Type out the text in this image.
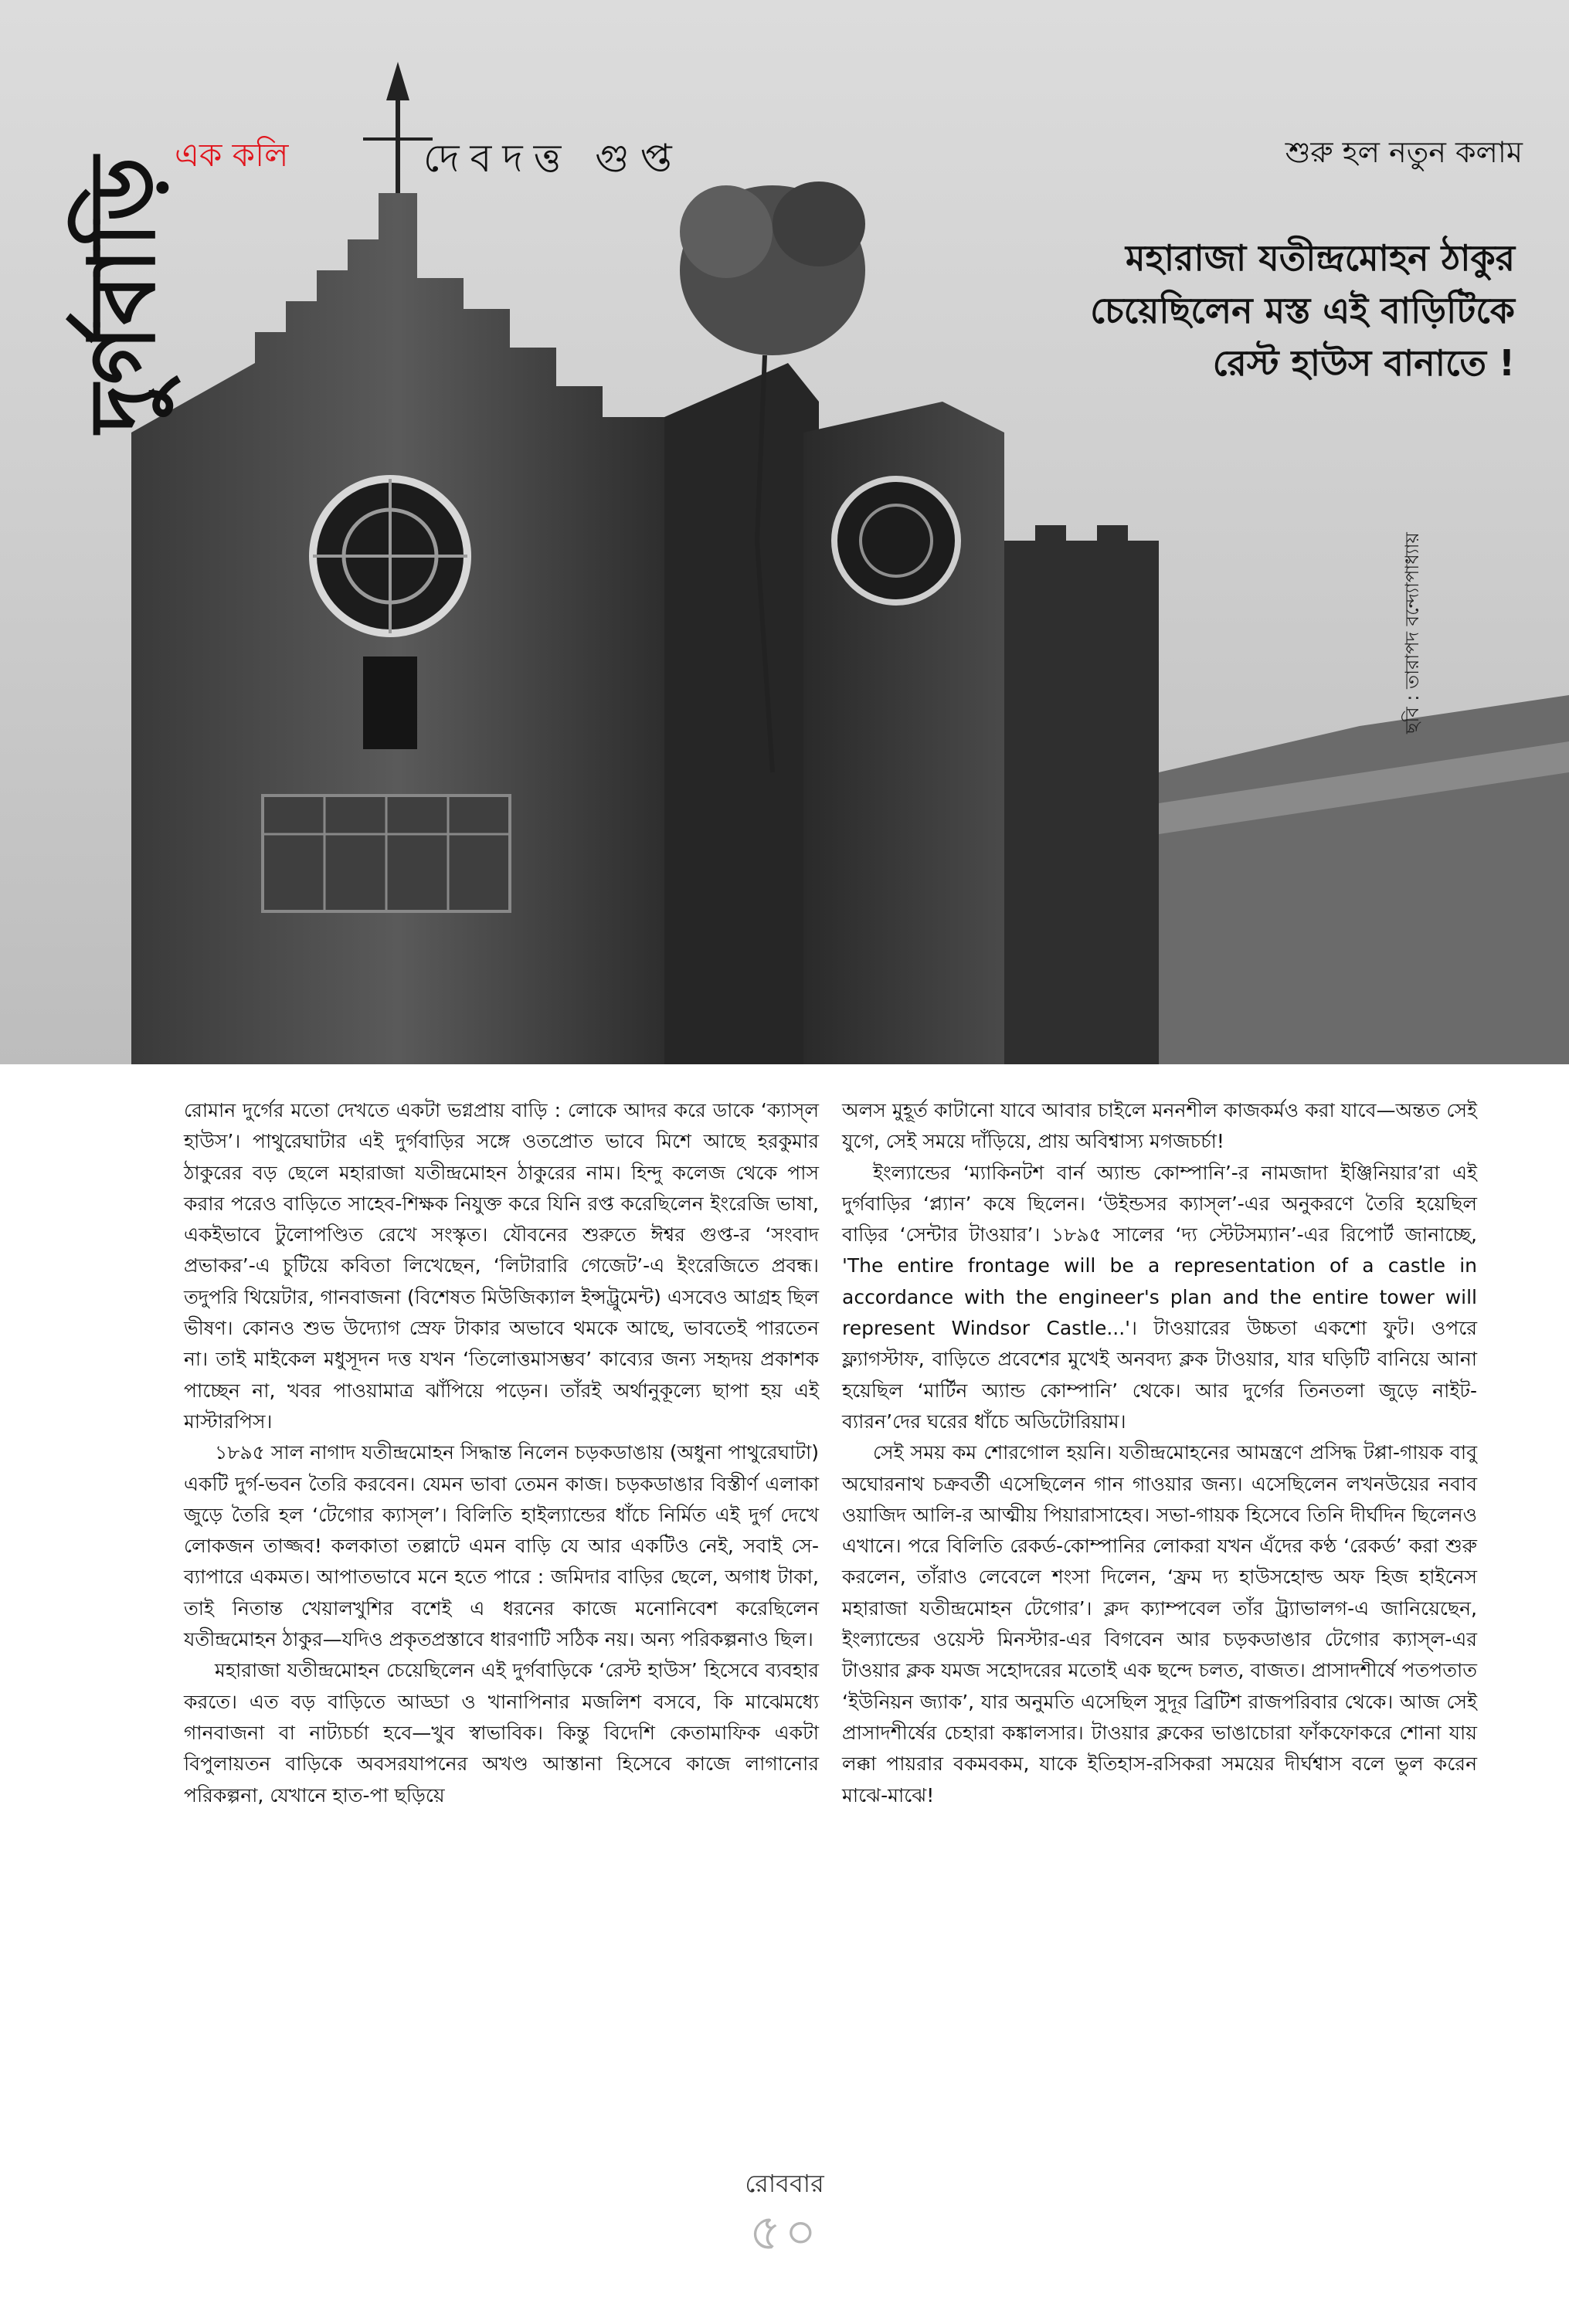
এক কলি	দেবদত্ত গুপ্ত	শুরু হল নতুন কলাম
দুর্গবাড়ি	মহারাজা যতীন্দ্রমোহন ঠাকুর
চেয়েছিলেন মস্ত এই বাড়িটিকে
রেস্ট হাউস বানাতে !
ছবি : তারাপদ বন্দ্যোপাধ্যায়

রোমান দুর্গের মতো দেখতে একটা ভগ্নপ্রায় বাড়ি : লোকে আদর করে ডাকে ‘ক্যাস্‌ল হাউস’। পাথুরেঘাটার এই দুর্গবাড়ির সঙ্গে ওতপ্রোত ভাবে মিশে আছে হরকুমার ঠাকুরের বড় ছেলে মহারাজা যতীন্দ্রমোহন ঠাকুরের নাম। হিন্দু কলেজ থেকে পাস করার পরেও বাড়িতে সাহেব-শিক্ষক নিযুক্ত করে যিনি রপ্ত করেছিলেন ইংরেজি ভাষা, একইভাবে টুলোপণ্ডিত রেখে সংস্কৃত। যৌবনের শুরুতে ঈশ্বর গুপ্ত-র ‘সংবাদ প্রভাকর’-এ চুটিয়ে কবিতা লিখেছেন, ‘লিটারারি গেজেট’-এ ইংরেজিতে প্রবন্ধ। তদুপরি থিয়েটার, গানবাজনা (বিশেষত মিউজিক্যাল ইন্সট্রুমেন্ট) এসবেও আগ্রহ ছিল ভীষণ। কোনও শুভ উদ্যোগ স্রেফ টাকার অভাবে থমকে আছে, ভাবতেই পারতেন না। তাই মাইকেল মধুসূদন দত্ত যখন ‘তিলোত্তমাসম্ভব’ কাব্যের জন্য সহৃদয় প্রকাশক পাচ্ছেন না, খবর পাওয়ামাত্র ঝাঁপিয়ে পড়েন। তাঁরই অর্থানুকূল্যে ছাপা হয় এই মাস্টারপিস।

১৮৯৫ সাল নাগাদ যতীন্দ্রমোহন সিদ্ধান্ত নিলেন চড়কডাঙায় (অধুনা পাথুরেঘাটা) একটি দুর্গ-ভবন তৈরি করবেন। যেমন ভাবা তেমন কাজ। চড়কডাঙার বিস্তীর্ণ এলাকা জুড়ে তৈরি হল ‘টেগোর ক্যাস্‌ল’। বিলিতি হাইল্যান্ডের ধাঁচে নির্মিত এই দুর্গ দেখে লোকজন তাজ্জব! কলকাতা তল্লাটে এমন বাড়ি যে আর একটিও নেই, সবাই সে-ব্যাপারে একমত। আপাতভাবে মনে হতে পারে : জমিদার বাড়ির ছেলে, অগাধ টাকা, তাই নিতান্ত খেয়ালখুশির বশেই এ ধরনের কাজে মনোনিবেশ করেছিলেন যতীন্দ্রমোহন ঠাকুর—যদিও প্রকৃতপ্রস্তাবে ধারণাটি সঠিক নয়। অন্য পরিকল্পনাও ছিল।

মহারাজা যতীন্দ্রমোহন চেয়েছিলেন এই দুর্গবাড়িকে ‘রেস্ট হাউস’ হিসেবে ব্যবহার করতে। এত বড় বাড়িতে আড্ডা ও খানাপিনার মজলিশ বসবে, কি মাঝেমধ্যে গানবাজনা বা নাট্যচর্চা হবে—খুব স্বাভাবিক। কিন্তু বিদেশি কেতামাফিক একটা বিপুলায়তন বাড়িকে অবসরযাপনের অখণ্ড আস্তানা হিসেবে কাজে লাগানোর পরিকল্পনা, যেখানে হাত-পা ছড়িয়ে

অলস মুহূর্ত কাটানো যাবে আবার চাইলে মননশীল কাজকর্মও করা যাবে—অন্তত সেই যুগে, সেই সময়ে দাঁড়িয়ে, প্রায় অবিশ্বাস্য মগজচর্চা!

ইংল্যান্ডের ‘ম্যাকিনটশ বার্ন অ্যান্ড কোম্পানি’-র নামজাদা ইঞ্জিনিয়ার’রা এই দুর্গবাড়ির ‘প্ল্যান’ কষে ছিলেন। ‘উইন্ডসর ক্যাস্‌ল’-এর অনুকরণে তৈরি হয়েছিল বাড়ির ‘সেন্টার টাওয়ার’। ১৮৯৫ সালের ‘দ্য স্টেটসম্যান’-এর রিপোর্ট জানাচ্ছে, 'The entire frontage will be a representation of a castle in accordance with the engineer's plan and the entire tower will represent Windsor Castle...'। টাওয়ারের উচ্চতা একশো ফুট। ওপরে ফ্ল্যাগস্টাফ, বাড়িতে প্রবেশের মুখেই অনবদ্য ক্লক টাওয়ার, যার ঘড়িটি বানিয়ে আনা হয়েছিল ‘মার্টিন অ্যান্ড কোম্পানি’ থেকে। আর দুর্গের তিনতলা জুড়ে নাইট-ব্যারন’দের ঘরের ধাঁচে অডিটোরিয়াম।

সেই সময় কম শোরগোল হয়নি। যতীন্দ্রমোহনের আমন্ত্রণে প্রসিদ্ধ টপ্পা-গায়ক বাবু অঘোরনাথ চক্রবর্তী এসেছিলেন গান গাওয়ার জন্য। এসেছিলেন লখনউয়ের নবাব ওয়াজিদ আলি-র আত্মীয় পিয়ারাসাহেব। সভা-গায়ক হিসেবে তিনি দীর্ঘদিন ছিলেনও এখানে। পরে বিলিতি রেকর্ড-কোম্পানির লোকরা যখন এঁদের কণ্ঠ ‘রেকর্ড’ করা শুরু করলেন, তাঁরাও লেবেলে শংসা দিলেন, ‘ফ্রম দ্য হাউসহোল্ড অফ হিজ হাইনেস মহারাজা যতীন্দ্রমোহন টেগোর’। ক্লদ ক্যাম্পবেল তাঁর ট্র্যাভালগ-এ জানিয়েছেন, ইংল্যান্ডের ওয়েস্ট মিনস্টার-এর বিগবেন আর চড়কডাঙার টেগোর ক্যাস্‌ল-এর টাওয়ার ক্লক যমজ সহোদরের মতোই এক ছন্দে চলত, বাজত। প্রাসাদশীর্ষে পতপতাত ‘ইউনিয়ন জ্যাক’, যার অনুমতি এসেছিল সুদূর ব্রিটিশ রাজপরিবার থেকে। আজ সেই প্রাসাদশীর্ষের চেহারা কঙ্কালসার। টাওয়ার ক্লকের ভাঙাচোরা ফাঁকফোকরে শোনা যায় লক্কা পায়রার বকমবকম, যাকে ইতিহাস-রসিকরা সময়ের দীর্ঘশ্বাস বলে ভুল করেন মাঝে-মাঝে!

রোববার
৫০
